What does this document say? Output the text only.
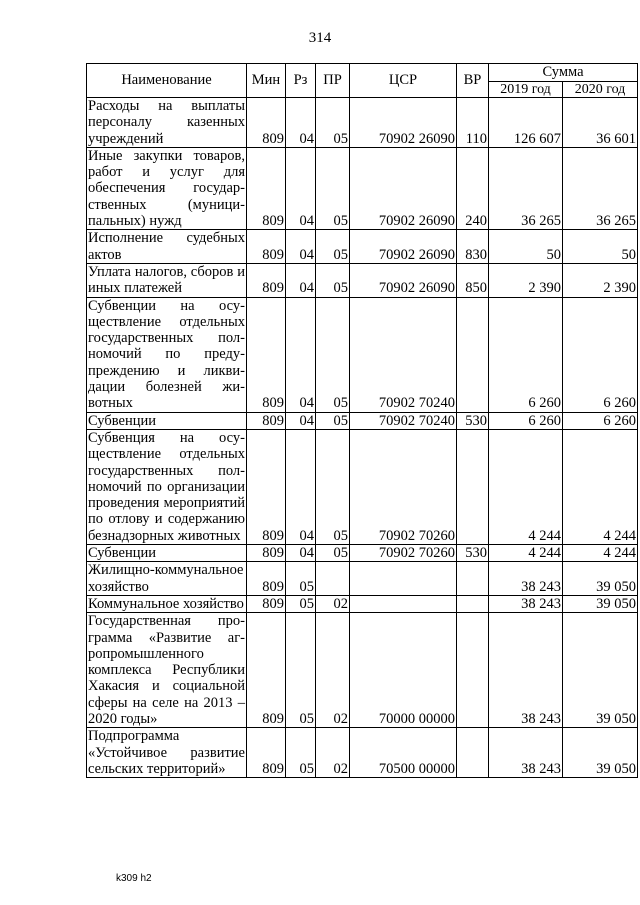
314
Наименование	Мин	Рз	ПР	ЦСР	ВР	Сумма	
						2019 год	2020 год
Расходы на выплаты персоналу казенных учреждений	809	04	05	70902 26090	110	126 607	36 601
Иные закупки товаров, работ и услуг для обеспечения государственных (муниципальных) нужд	809	04	05	70902 26090	240	36 265	36 265
Исполнение судебных актов	809	04	05	70902 26090	830	50	50
Уплата налогов, сборов и иных платежей	809	04	05	70902 26090	850	2 390	2 390
Субвенции на осуществление отдельных государственных полномочий по предупреждению и ликвидации болезней животных	809	04	05	70902 70240		6 260	6 260
Субвенции	809	04	05	70902 70240	530	6 260	6 260
Субвенция на осуществление отдельных государственных полномочий по организации проведения мероприятий по отлову и содержанию безнадзорных животных	809	04	05	70902 70260		4 244	4 244
Субвенции	809	04	05	70902 70260	530	4 244	4 244
Жилищно-коммунальное хозяйство	809	05				38 243	39 050
Коммунальное хозяйство	809	05	02			38 243	39 050
Государственная программа «Развитие агропромышленного комплекса Республики Хакасия и социальной сферы на селе на 2013 – 2020 годы»	809	05	02	70000 00000		38 243	39 050
Подпрограмма «Устойчивое развитие сельских территорий»	809	05	02	70500 00000		38 243	39 050
k309 h2
